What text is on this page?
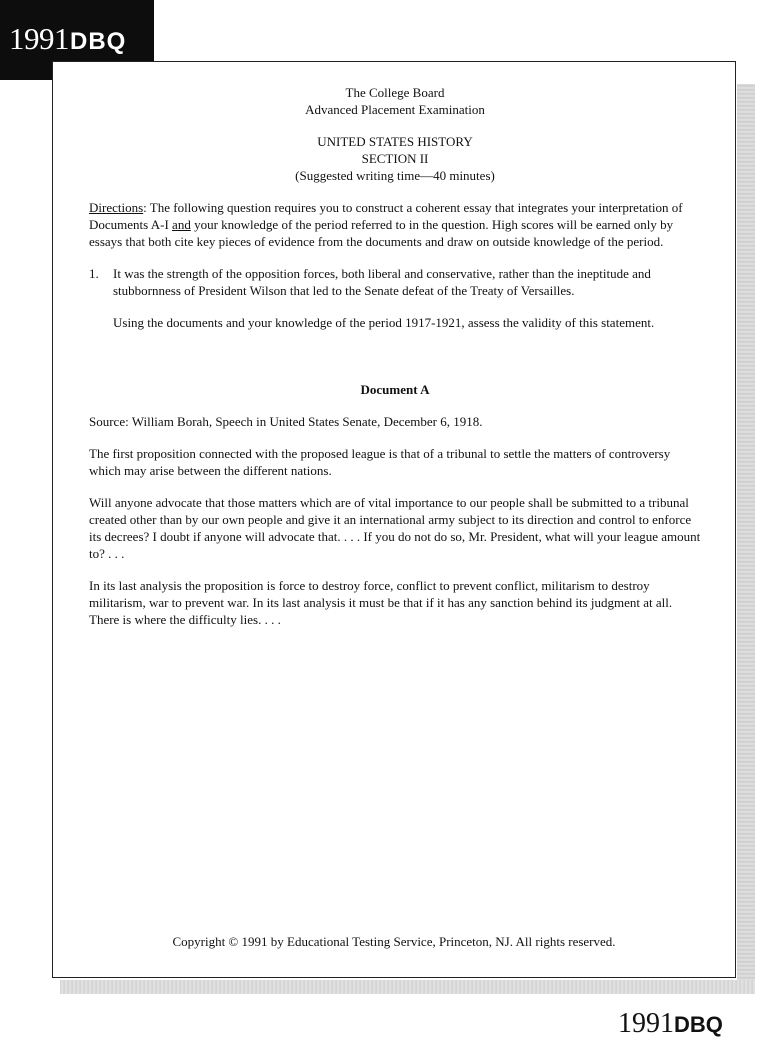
1991DBQ

The College Board

Advanced Placement Examination

UNITED STATES HISTORY

SECTION II

(Suggested writing time—40 minutes)

Directions: The following question requires you to construct a coherent essay that integrates your interpretation of Documents A-I and your knowledge of the period referred to in the question. High scores will be earned only by essays that both cite key pieces of evidence from the documents and draw on outside knowledge of the period.

1.	It was the strength of the opposition forces, both liberal and conservative, rather than the ineptitude and stubbornness of President Wilson that led to the Senate defeat of the Treaty of Versailles.

Using the documents and your knowledge of the period 1917-1921, assess the validity of this statement.

Document A

Source: William Borah, Speech in United States Senate, December 6, 1918.

The first proposition connected with the proposed league is that of a tribunal to settle the matters of controversy which may arise between the different nations.

Will anyone advocate that those matters which are of vital importance to our people shall be submitted to a tribunal created other than by our own people and give it an international army subject to its direction and control to enforce its decrees? I doubt if anyone will advocate that. . . . If you do not do so, Mr. President, what will your league amount to? . . .

In its last analysis the proposition is force to destroy force, conflict to prevent conflict, militarism to destroy militarism, war to prevent war. In its last analysis it must be that if it has any sanction behind its judgment at all. There is where the difficulty lies. . . .

Copyright © 1991 by Educational Testing Service, Princeton, NJ. All rights reserved.

1991DBQ
